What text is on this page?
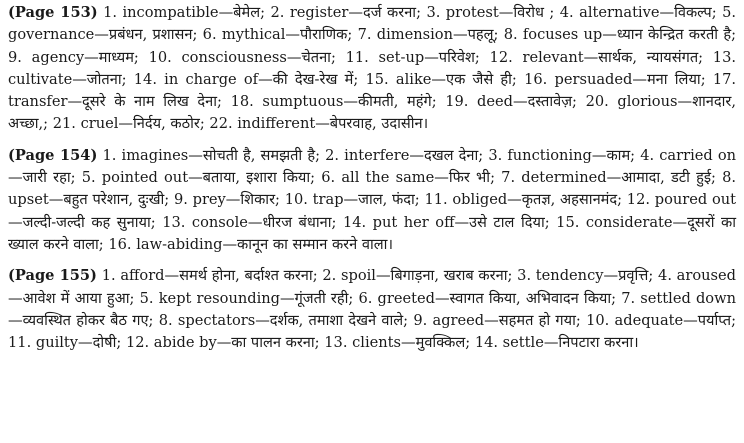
(Page 153) 1. incompatible—बेमेल; 2. register—दर्ज करना; 3. protest—विरोध ; 4. alternative—विकल्प; 5. governance—प्रबंधन, प्रशासन; 6. mythical—पौराणिक; 7. dimension—पहलू; 8. focuses up—ध्यान केन्द्रित करती है; 9. agency—माध्यम; 10. consciousness—चेतना; 11. set-up—परिवेश; 12. relevant—सार्थक, न्यायसंगत; 13. cultivate—जोतना; 14. in charge of—की देख-रेख में; 15. alike—एक जैसे ही; 16. persuaded—मना लिया; 17. transfer—दूसरे के नाम लिख देना; 18. sumptuous—कीमती, महंगे; 19. deed—दस्तावेज़; 20. glorious—शानदार, अच्छा,; 21. cruel—निर्दय, कठोर; 22. indifferent—बेपरवाह, उदासीन।

(Page 154) 1. imagines—सोचती है, समझती है; 2. interfere—दखल देना; 3. functioning—काम; 4. carried on—जारी रहा; 5. pointed out—बताया, इशारा किया; 6. all the same—फिर भी; 7. determined—आमादा, डटी हुई; 8. upset—बहुत परेशान, दुःखी; 9. prey—शिकार; 10. trap—जाल, फंदा; 11. obliged—कृतज्ञ, अहसानमंद; 12. poured out—जल्दी-जल्दी कह सुनाया; 13. console—धीरज बंधाना; 14. put her off—उसे टाल दिया; 15. considerate—दूसरों का ख्याल करने वाला; 16. law-abiding—कानून का सम्मान करने वाला।

(Page 155) 1. afford—समर्थ होना, बर्दाश्त करना; 2. spoil—बिगाड़ना, खराब करना; 3. tendency—प्रवृत्ति; 4. aroused—आवेश में आया हुआ; 5. kept resounding—गूंजती रही; 6. greeted—स्वागत किया, अभिवादन किया; 7. settled down—व्यवस्थित होकर बैठ गए; 8. spectators—दर्शक, तमाशा देखने वाले; 9. agreed—सहमत हो गया; 10. adequate—पर्याप्त; 11. guilty—दोषी; 12. abide by—का पालन करना; 13. clients—मुवक्किल; 14. settle—निपटारा करना।
